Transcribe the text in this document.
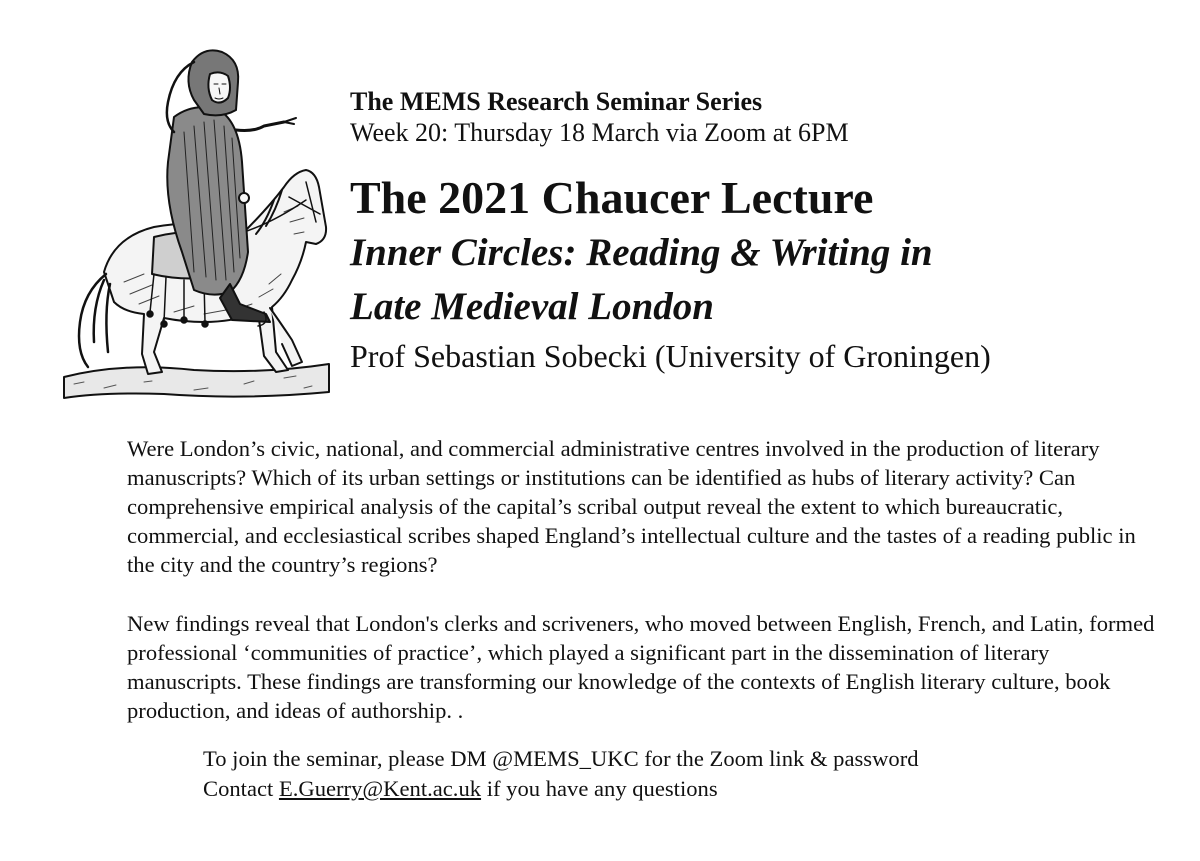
The MEMS Research Seminar Series
Week 20: Thursday 18 March via Zoom at 6PM
The 2021 Chaucer Lecture
Inner Circles: Reading & Writing in
Late Medieval London
Prof Sebastian Sobecki (University of Groningen)

Were London’s civic, national, and commercial administrative centres involved in the production of literary manuscripts? Which of its urban settings or institutions can be identified as hubs of literary activity? Can comprehensive empirical analysis of the capital’s scribal output reveal the extent to which bureaucratic, commercial, and ecclesiastical scribes shaped England’s intellectual culture and the tastes of a reading public in the city and the country’s regions?

New findings reveal that London's clerks and scriveners, who moved between English, French, and Latin, formed professional ‘communities of practice’, which played a significant part in the dissemination of literary manuscripts. These findings are transforming our knowledge of the contexts of English literary culture, book production, and ideas of authorship. .

To join the seminar, please DM @MEMS_UKC for the Zoom link & password
Contact E.Guerry@Kent.ac.uk if you have any questions
